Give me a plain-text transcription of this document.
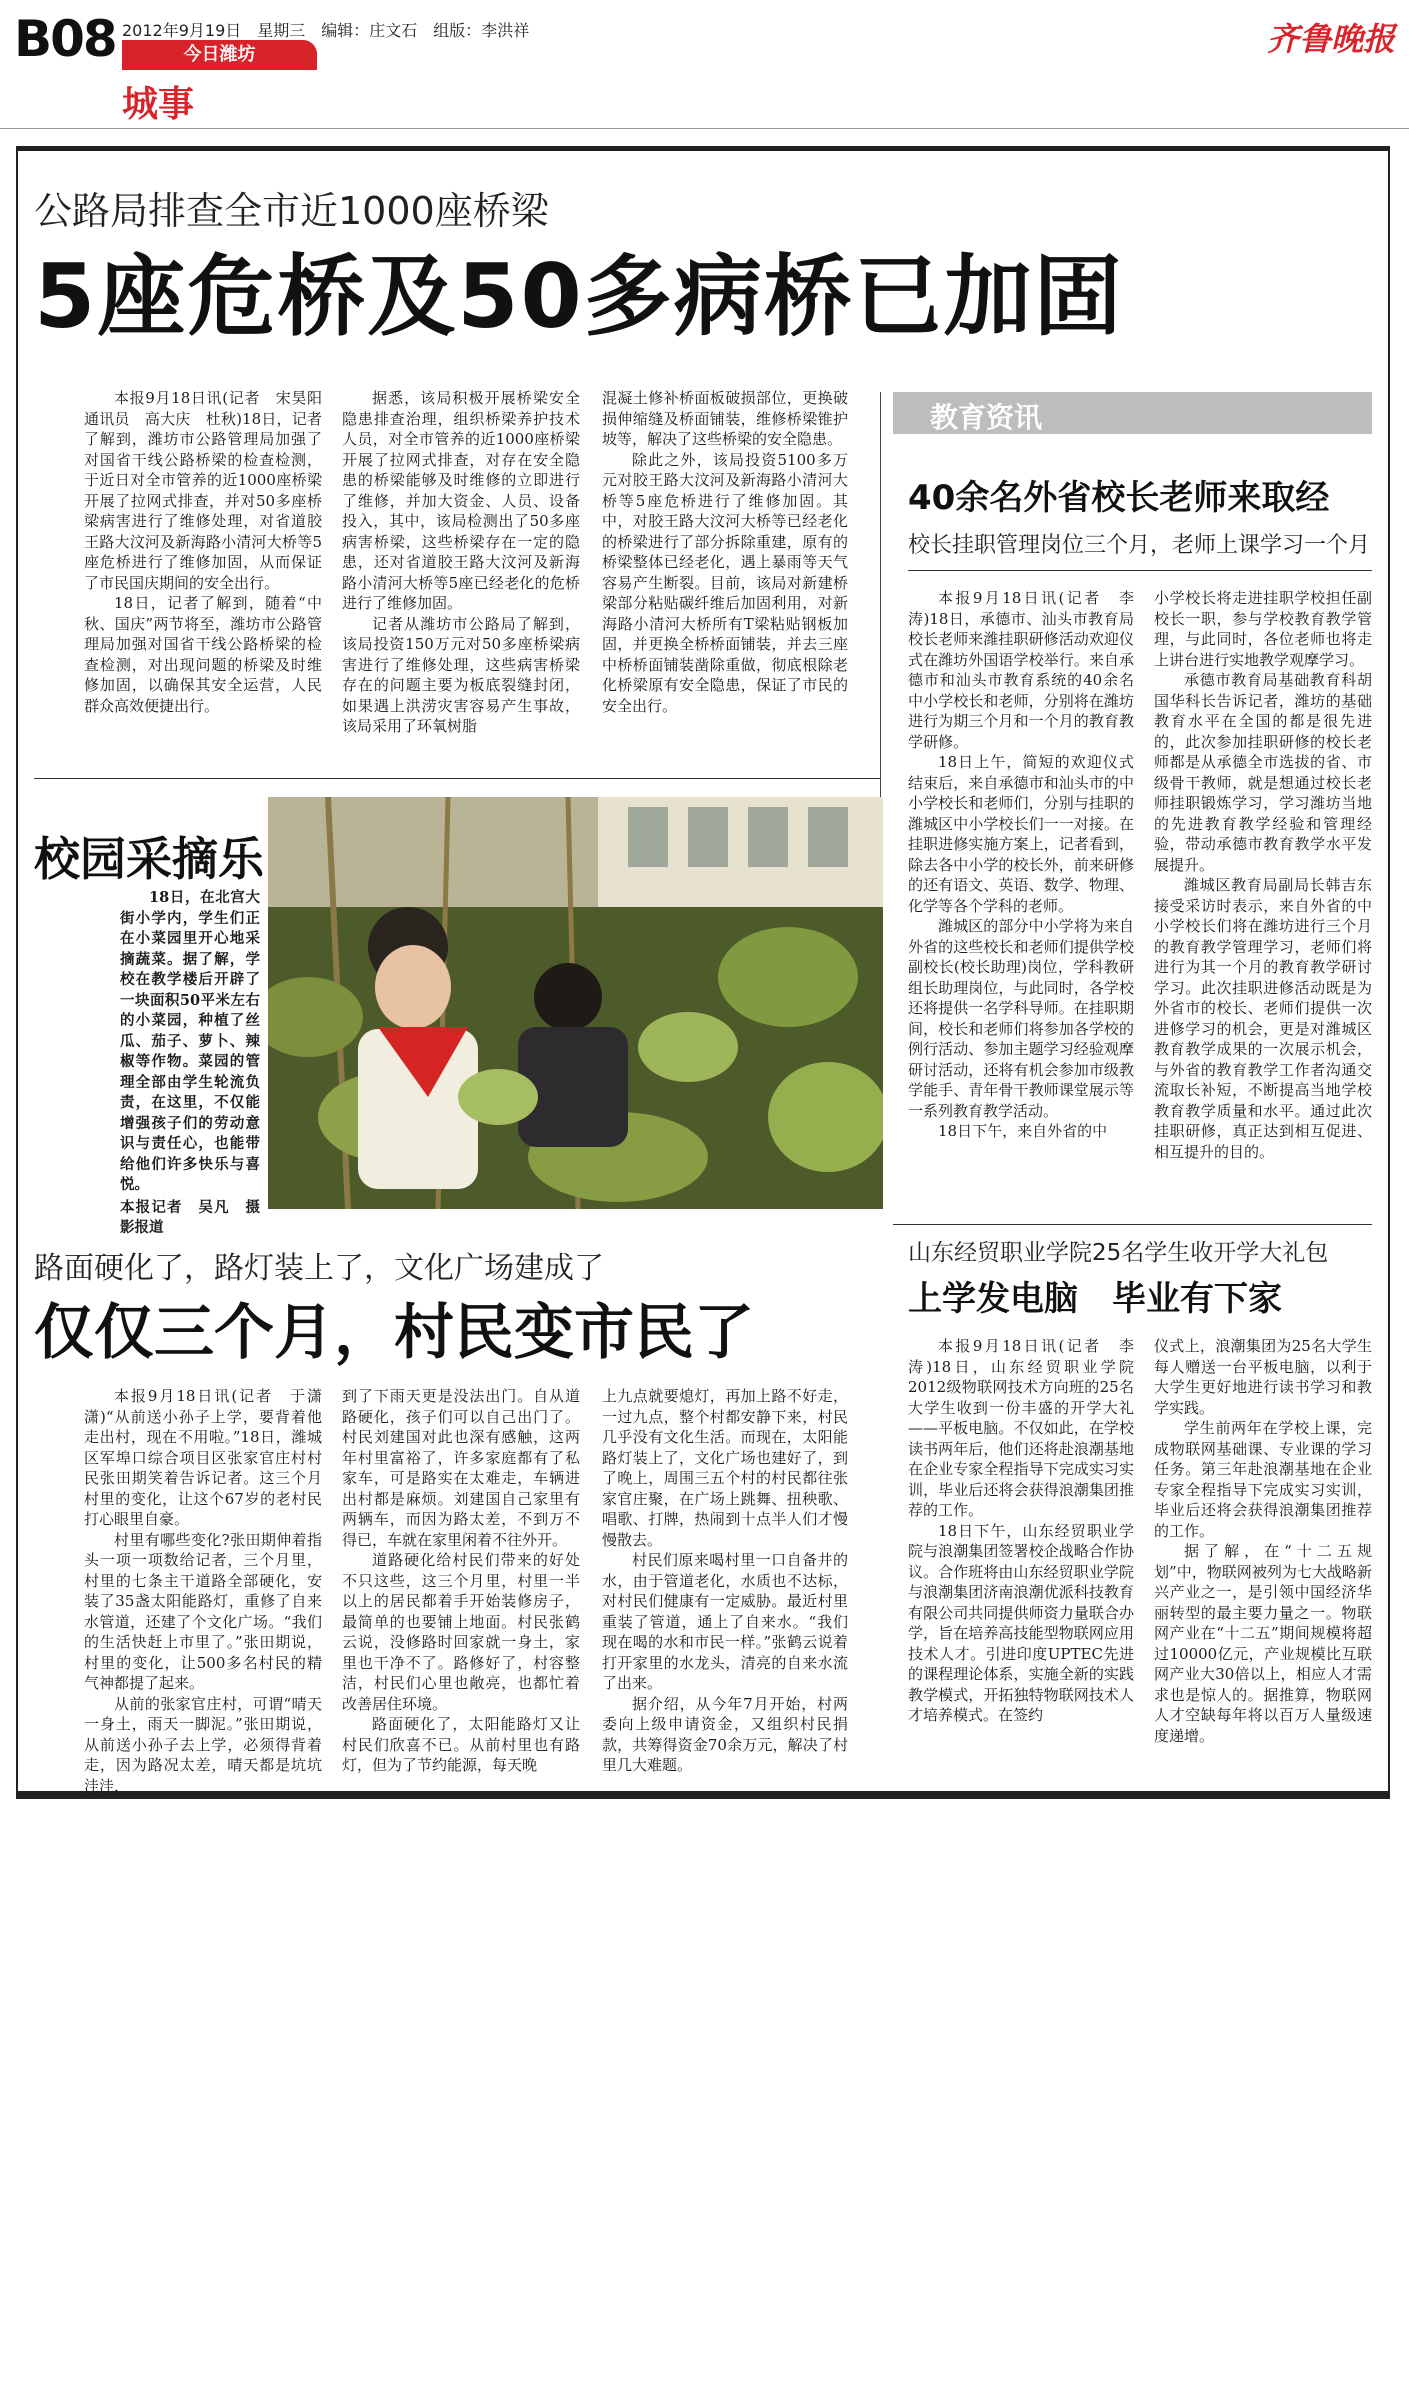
B08 2012年9月19日　星期三　编辑：庄文石　组版：李洪祥
今日潍坊
城事
齐鲁晚报
公路局排查全市近1000座桥梁
5座危桥及50多病桥已加固

本报9月18日讯(记者　宋昊阳　通讯员　高大庆　杜秋)18日，记者了解到，潍坊市公路管理局加强了对国省干线公路桥梁的检查检测，于近日对全市管养的近1000座桥梁开展了拉网式排查，并对50多座桥梁病害进行了维修处理，对省道胶王路大汶河及新海路小清河大桥等5座危桥进行了维修加固，从而保证了市民国庆期间的安全出行。

18日，记者了解到，随着“中秋、国庆”两节将至，潍坊市公路管理局加强对国省干线公路桥梁的检查检测，对出现问题的桥梁及时维修加固，以确保其安全运营，人民群众高效便捷出行。

据悉，该局积极开展桥梁安全隐患排查治理，组织桥梁养护技术人员，对全市管养的近1000座桥梁开展了拉网式排查，对存在安全隐患的桥梁能够及时维修的立即进行了维修，并加大资金、人员、设备投入，其中，该局检测出了50多座病害桥梁，这些桥梁存在一定的隐患，还对省道胶王路大汶河及新海路小清河大桥等5座已经老化的危桥进行了维修加固。

记者从潍坊市公路局了解到，该局投资150万元对50多座桥梁病害进行了维修处理，这些病害桥梁存在的问题主要为板底裂缝封闭，如果遇上洪涝灾害容易产生事故，该局采用了环氧树脂

混凝土修补桥面板破损部位，更换破损伸缩缝及桥面铺装，维修桥梁锥护坡等，解决了这些桥梁的安全隐患。

除此之外，该局投资5100多万元对胶王路大汶河及新海路小清河大桥等5座危桥进行了维修加固。其中，对胶王路大汶河大桥等已经老化的桥梁进行了部分拆除重建，原有的桥梁整体已经老化，遇上暴雨等天气容易产生断裂。目前，该局对新建桥梁部分粘贴碳纤维后加固利用，对新海路小清河大桥所有T梁粘贴钢板加固，并更换全桥桥面铺装，并去三座中桥桥面铺装凿除重做，彻底根除老化桥梁原有安全隐患，保证了市民的安全出行。

教育资讯
40余名外省校长老师来取经
校长挂职管理岗位三个月，老师上课学习一个月

本报9月18日讯(记者　李涛)18日，承德市、汕头市教育局校长老师来潍挂职研修活动欢迎仪式在潍坊外国语学校举行。来自承德市和汕头市教育系统的40余名中小学校长和老师，分别将在潍坊进行为期三个月和一个月的教育教学研修。

18日上午，简短的欢迎仪式结束后，来自承德市和汕头市的中小学校长和老师们，分别与挂职的潍城区中小学校长们一一对接。在挂职进修实施方案上，记者看到，除去各中小学的校长外，前来研修的还有语文、英语、数学、物理、化学等各个学科的老师。

潍城区的部分中小学将为来自外省的这些校长和老师们提供学校副校长(校长助理)岗位，学科教研组长助理岗位，与此同时，各学校还将提供一名学科导师。在挂职期间，校长和老师们将参加各学校的例行活动、参加主题学习经验观摩研讨活动，还将有机会参加市级教学能手、青年骨干教师课堂展示等一系列教育教学活动。

18日下午，来自外省的中

小学校长将走进挂职学校担任副校长一职，参与学校教育教学管理，与此同时，各位老师也将走上讲台进行实地教学观摩学习。

承德市教育局基础教育科胡国华科长告诉记者，潍坊的基础教育水平在全国的都是很先进的，此次参加挂职研修的校长老师都是从承德全市选拔的省、市级骨干教师，就是想通过校长老师挂职锻炼学习，学习潍坊当地的先进教育教学经验和管理经验，带动承德市教育教学水平发展提升。

潍城区教育局副局长韩吉东接受采访时表示，来自外省的中小学校长们将在潍坊进行三个月的教育教学管理学习，老师们将进行为其一个月的教育教学研讨学习。此次挂职进修活动既是为外省市的校长、老师们提供一次进修学习的机会，更是对潍城区教育教学成果的一次展示机会，与外省的教育教学工作者沟通交流取长补短，不断提高当地学校教育教学质量和水平。通过此次挂职研修，真正达到相互促进、相互提升的目的。

山东经贸职业学院25名学生收开学大礼包
上学发电脑　毕业有下家

本报9月18日讯(记者　李涛)18日，山东经贸职业学院2012级物联网技术方向班的25名大学生收到一份丰盛的开学大礼——平板电脑。不仅如此，在学校读书两年后，他们还将赴浪潮基地在企业专家全程指导下完成实习实训，毕业后还将会获得浪潮集团推荐的工作。

18日下午，山东经贸职业学院与浪潮集团签署校企战略合作协议。合作班将由山东经贸职业学院与浪潮集团济南浪潮优派科技教育有限公司共同提供师资力量联合办学，旨在培养高技能型物联网应用技术人才。引进印度UPTEC先进的课程理论体系，实施全新的实践教学模式，开拓独特物联网技术人才培养模式。在签约

仪式上，浪潮集团为25名大学生每人赠送一台平板电脑，以利于大学生更好地进行读书学习和教学实践。

学生前两年在学校上课，完成物联网基础课、专业课的学习任务。第三年赴浪潮基地在企业专家全程指导下完成实习实训，毕业后还将会获得浪潮集团推荐的工作。

据了解，在“十二五规划”中，物联网被列为七大战略新兴产业之一，是引领中国经济华丽转型的最主要力量之一。物联网产业在“十二五”期间规模将超过10000亿元，产业规模比互联网产业大30倍以上，相应人才需求也是惊人的。据推算，物联网人才空缺每年将以百万人量级速度递增。

校园采摘乐
18日，在北宫大街小学内，学生们正在小菜园里开心地采摘蔬菜。据了解，学校在教学楼后开辟了一块面积50平米左右的小菜园，种植了丝瓜、茄子、萝卜、辣椒等作物。菜园的管理全部由学生轮流负责，在这里，不仅能增强孩子们的劳动意识与责任心，也能带给他们许多快乐与喜悦。
本报记者　吴凡　摄影报道
路面硬化了，路灯装上了，文化广场建成了
仅仅三个月，村民变市民了

本报9月18日讯(记者　于潇潇)“从前送小孙子上学，要背着他走出村，现在不用啦。”18日，潍城区军埠口综合项目区张家官庄村村民张田期笑着告诉记者。这三个月村里的变化，让这个67岁的老村民打心眼里自豪。

村里有哪些变化?张田期伸着指头一项一项数给记者，三个月里，村里的七条主干道路全部硬化，安装了35盏太阳能路灯，重修了自来水管道，还建了个文化广场。“我们的生活快赶上市里了。”张田期说，村里的变化，让500多名村民的精气神都提了起来。

从前的张家官庄村，可谓“晴天一身土，雨天一脚泥。”张田期说，从前送小孙子去上学，必须得背着走，因为路况太差，晴天都是坑坑洼洼，

到了下雨天更是没法出门。自从道路硬化，孩子们可以自己出门了。村民刘建国对此也深有感触，这两年村里富裕了，许多家庭都有了私家车，可是路实在太难走，车辆进出村都是麻烦。刘建国自己家里有两辆车，而因为路太差，不到万不得已，车就在家里闲着不往外开。

道路硬化给村民们带来的好处不只这些，这三个月里，村里一半以上的居民都着手开始装修房子，最简单的也要铺上地面。村民张鹤云说，没修路时回家就一身土，家里也干净不了。路修好了，村容整洁，村民们心里也敞亮，也都忙着改善居住环境。

路面硬化了，太阳能路灯又让村民们欣喜不已。从前村里也有路灯，但为了节约能源，每天晚

上九点就要熄灯，再加上路不好走，一过九点，整个村都安静下来，村民几乎没有文化生活。而现在，太阳能路灯装上了，文化广场也建好了，到了晚上，周围三五个村的村民都往张家官庄聚，在广场上跳舞、扭秧歌、唱歌、打牌，热闹到十点半人们才慢慢散去。

村民们原来喝村里一口自备井的水，由于管道老化，水质也不达标，对村民们健康有一定威胁。最近村里重装了管道，通上了自来水。“我们现在喝的水和市民一样。”张鹤云说着打开家里的水龙头，清亮的自来水流了出来。

据介绍，从今年7月开始，村两委向上级申请资金，又组织村民捐款，共筹得资金70余万元，解决了村里几大难题。
